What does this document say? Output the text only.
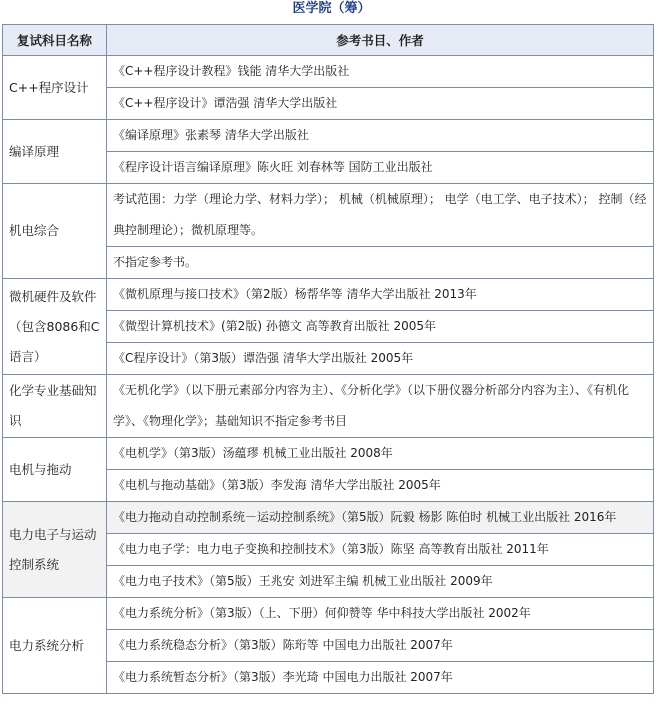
医学院（筹）
复试科目名称	参考书目、作者
C++程序设计	《C++程序设计教程》钱能 清华大学出版社
	《C++程序设计》谭浩强 清华大学出版社
编译原理	《编译原理》张素琴 清华大学出版社
	《程序设计语言编译原理》陈火旺 刘春林等 国防工业出版社
机电综合	考试范围：力学（理论力学、材料力学）； 机械（机械原理）； 电学（电工学、电子技术）； 控制（经典控制理论）；微机原理等。
	不指定参考书。
微机硬件及软件（包含8086和C语言）	《微机原理与接口技术》（第2版）杨帮华等 清华大学出版社 2013年
	《微型计算机技术》(第2版) 孙德文 高等教育出版社 2005年
	《C程序设计》（第3版）谭浩强 清华大学出版社 2005年
化学专业基础知识	《无机化学》（以下册元素部分内容为主）、《分析化学》（以下册仪器分析部分内容为主）、《有机化学》、《物理化学》；基础知识不指定参考书目
电机与拖动	《电机学》（第3版）汤蕴璆 机械工业出版社 2008年
	《电机与拖动基础》（第3版）李发海 清华大学出版社 2005年
电力电子与运动控制系统	《电力拖动自动控制系统－运动控制系统》（第5版）阮毅 杨影 陈伯时 机械工业出版社 2016年
	《电力电子学：电力电子变换和控制技术》（第3版）陈坚 高等教育出版社 2011年
	《电力电子技术》（第5版）王兆安 刘进军主编 机械工业出版社 2009年
电力系统分析	《电力系统分析》（第3版）（上、下册）何仰赞等 华中科技大学出版社 2002年
	《电力系统稳态分析》（第3版）陈珩等 中国电力出版社 2007年
	《电力系统暂态分析》（第3版）李光琦 中国电力出版社 2007年
